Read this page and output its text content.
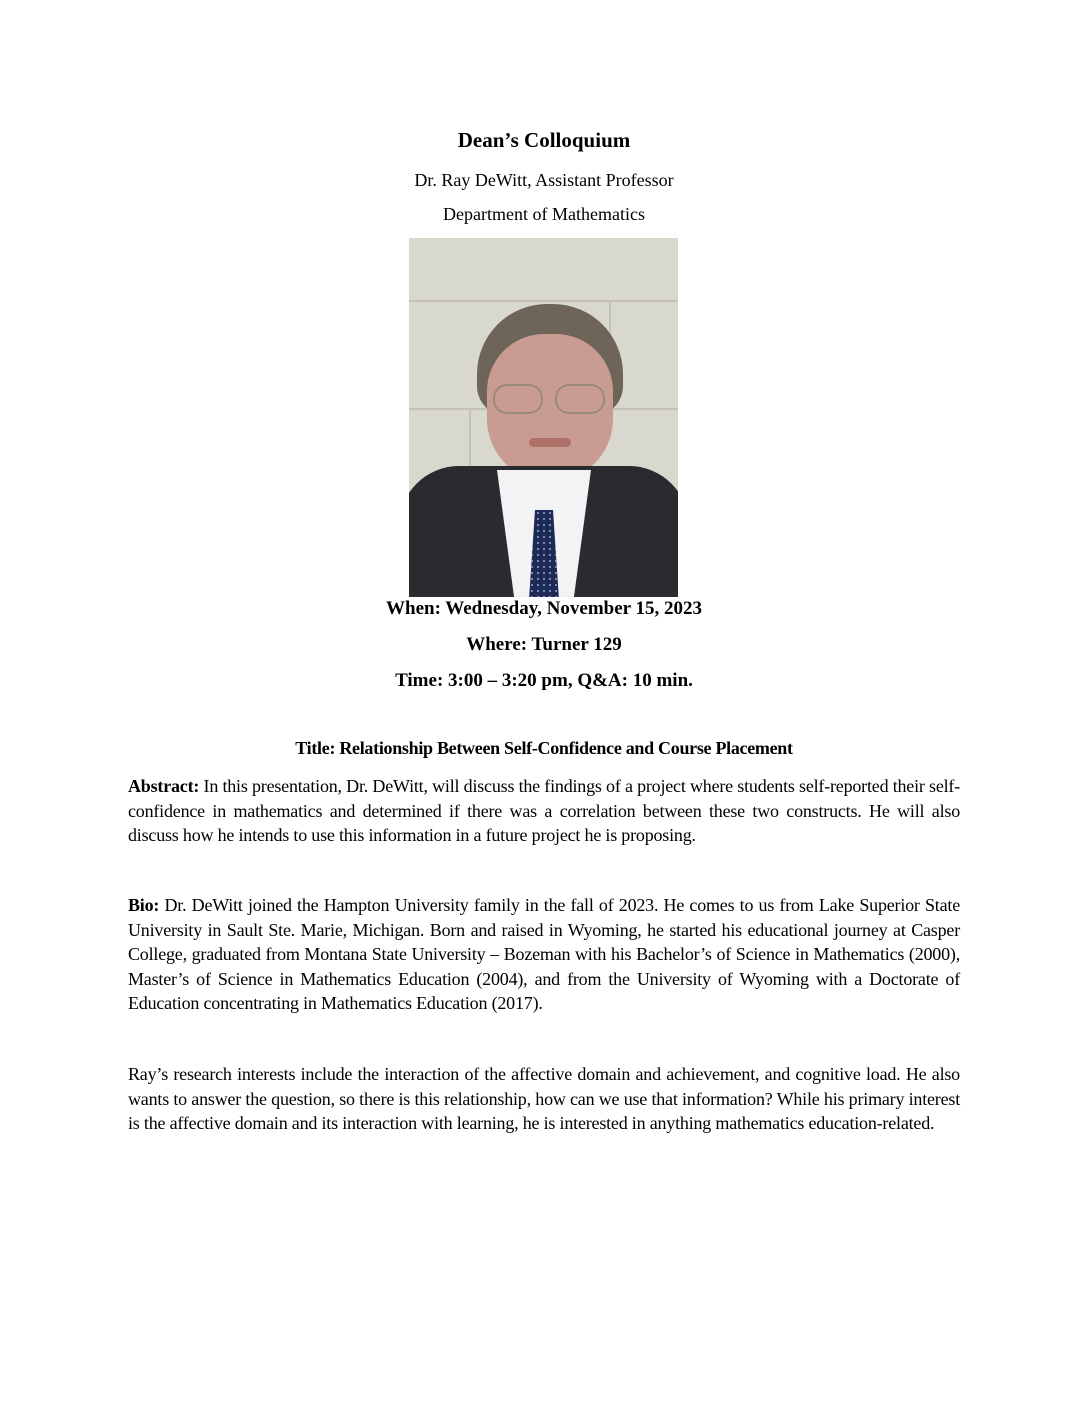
Dean’s Colloquium
Dr. Ray DeWitt, Assistant Professor
Department of Mathematics
When: Wednesday, November 15, 2023
Where: Turner 129
Time: 3:00 – 3:20 pm, Q&A: 10 min.
Title: Relationship Between Self-Confidence and Course Placement
Abstract: In this presentation, Dr. DeWitt, will discuss the findings of a project where students self-reported their self-confidence in mathematics and determined if there was a correlation between these two constructs. He will also discuss how he intends to use this information in a future project he is proposing.
Bio: Dr. DeWitt joined the Hampton University family in the fall of 2023. He comes to us from Lake Superior State University in Sault Ste. Marie, Michigan. Born and raised in Wyoming, he started his educational journey at Casper College, graduated from Montana State University – Bozeman with his Bachelor’s of Science in Mathematics (2000), Master’s of Science in Mathematics Education (2004), and from the University of Wyoming with a Doctorate of Education concentrating in Mathematics Education (2017).
Ray’s research interests include the interaction of the affective domain and achievement, and cognitive load. He also wants to answer the question, so there is this relationship, how can we use that information? While his primary interest is the affective domain and its interaction with learning, he is interested in anything mathematics education-related.
